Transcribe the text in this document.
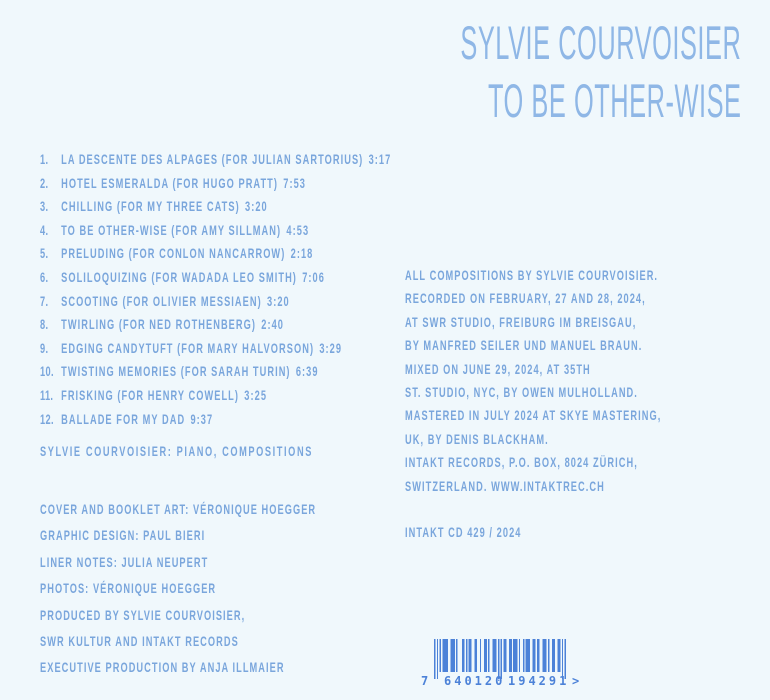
SYLVIE COURVOISIER
TO BE OTHER-WISE
1. LA DESCENTE DES ALPAGES (FOR JULIAN SARTORIUS) 3:17
2. HOTEL ESMERALDA (FOR HUGO PRATT) 7:53
3. CHILLING (FOR MY THREE CATS) 3:20
4. TO BE OTHER-WISE (FOR AMY SILLMAN) 4:53
5. PRELUDING (FOR CONLON NANCARROW) 2:18
6. SOLILOQUIZING (FOR WADADA LEO SMITH) 7:06
7. SCOOTING (FOR OLIVIER MESSIAEN) 3:20
8. TWIRLING (FOR NED ROTHENBERG) 2:40
9. EDGING CANDYTUFT (FOR MARY HALVORSON) 3:29
10. TWISTING MEMORIES (FOR SARAH TURIN) 6:39
11. FRISKING (FOR HENRY COWELL) 3:25
12. BALLADE FOR MY DAD 9:37
SYLVIE COURVOISIER: PIANO, COMPOSITIONS
COVER AND BOOKLET ART: VÉRONIQUE HOEGGER
GRAPHIC DESIGN: PAUL BIERI
LINER NOTES: JULIA NEUPERT
PHOTOS: VÉRONIQUE HOEGGER
PRODUCED BY SYLVIE COURVOISIER,
SWR KULTUR AND INTAKT RECORDS
EXECUTIVE PRODUCTION BY ANJA ILLMAIER
ALL COMPOSITIONS BY SYLVIE COURVOISIER.
RECORDED ON FEBRUARY, 27 AND 28, 2024,
AT SWR STUDIO, FREIBURG IM BREISGAU,
BY MANFRED SEILER UND MANUEL BRAUN.
MIXED ON JUNE 29, 2024, AT 35TH
ST. STUDIO, NYC, BY OWEN MULHOLLAND.
MASTERED IN JULY 2024 AT SKYE MASTERING,
UK, BY DENIS BLACKHAM.
INTAKT RECORDS, P.O. BOX, 8024 ZÜRICH,
SWITZERLAND. WWW.INTAKTREC.CH
INTAKT CD 429 / 2024
7 640120 194291 >
